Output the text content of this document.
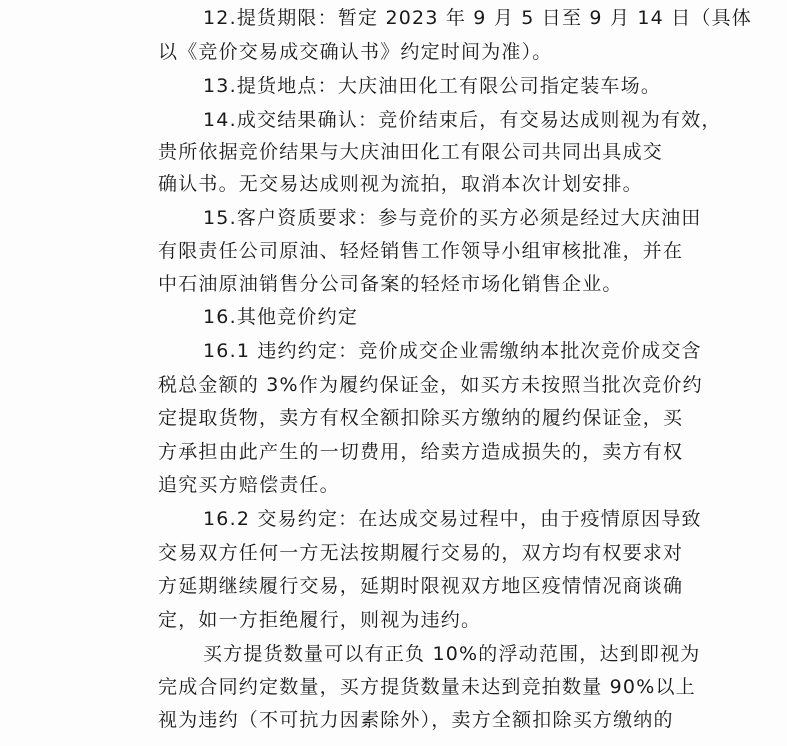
12.提货期限：暂定 2023 年 9 月 5 日至 9 月 14 日（具体
以《竞价交易成交确认书》约定时间为准）。
13.提货地点：大庆油田化工有限公司指定装车场。
14.成交结果确认：竞价结束后，有交易达成则视为有效，
贵所依据竞价结果与大庆油田化工有限公司共同出具成交
确认书。无交易达成则视为流拍，取消本次计划安排。
15.客户资质要求：参与竞价的买方必须是经过大庆油田
有限责任公司原油、轻烃销售工作领导小组审核批准，并在
中石油原油销售分公司备案的轻烃市场化销售企业。
16.其他竞价约定
16.1 违约约定：竞价成交企业需缴纳本批次竞价成交含
税总金额的 3%作为履约保证金，如买方未按照当批次竞价约
定提取货物，卖方有权全额扣除买方缴纳的履约保证金，买
方承担由此产生的一切费用，给卖方造成损失的，卖方有权
追究买方赔偿责任。
16.2 交易约定：在达成交易过程中，由于疫情原因导致
交易双方任何一方无法按期履行交易的，双方均有权要求对
方延期继续履行交易，延期时限视双方地区疫情情况商谈确
定，如一方拒绝履行，则视为违约。
买方提货数量可以有正负 10%的浮动范围，达到即视为
完成合同约定数量，买方提货数量未达到竞拍数量 90%以上
视为违约（不可抗力因素除外），卖方全额扣除买方缴纳的
